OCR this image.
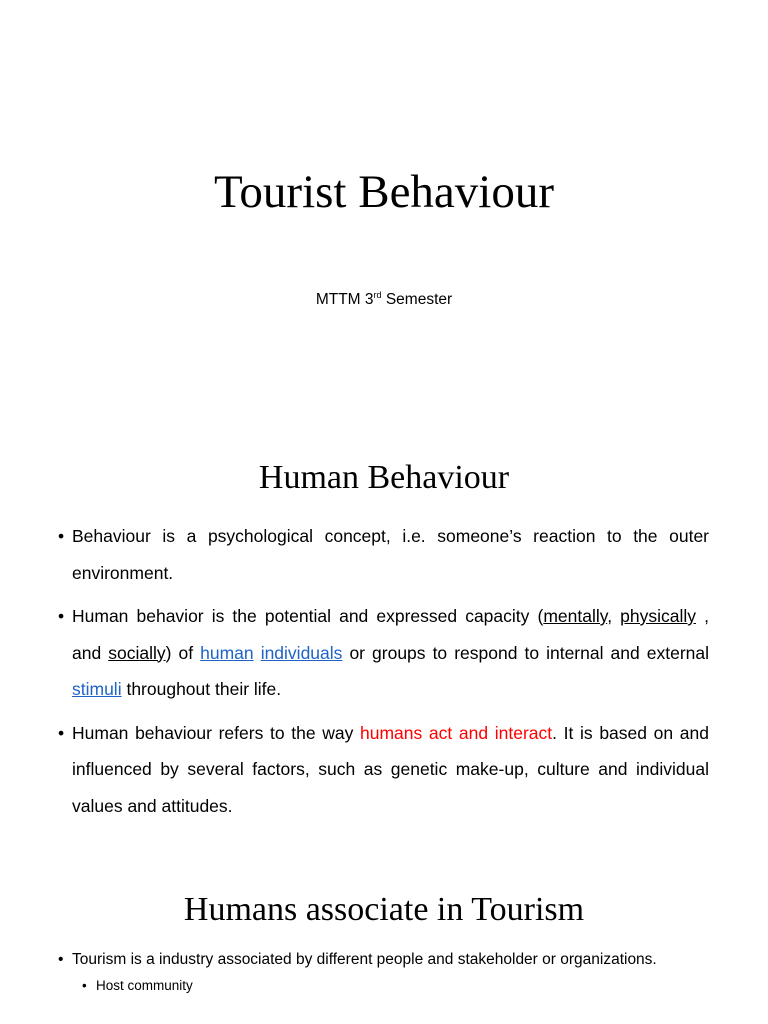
Tourist Behaviour
MTTM 3rd Semester
Human Behaviour
• Behaviour is a psychological concept, i.e. someone’s reaction to the outer environment.
• Human behavior is the potential and expressed capacity (mentally, physically , and socially) of human individuals or groups to respond to internal and external stimuli throughout their life.
• Human behaviour refers to the way humans act and interact. It is based on and influenced by several factors, such as genetic make-up, culture and individual values and attitudes.
Humans associate in Tourism
• Tourism is a industry associated by different people and stakeholder or organizations.
• Host community
